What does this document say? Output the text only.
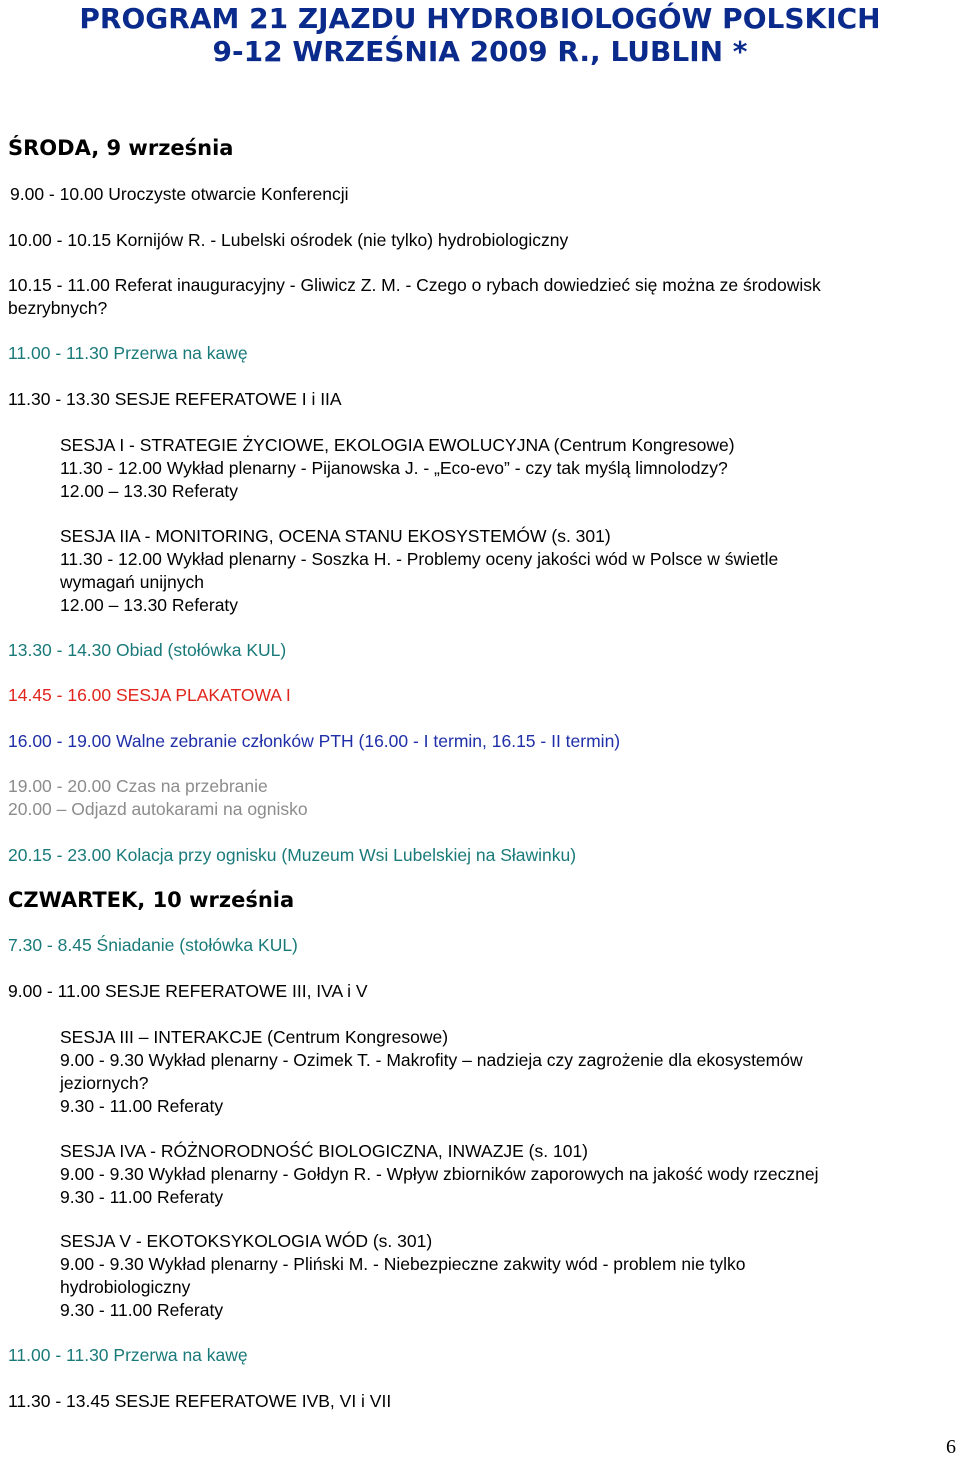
PROGRAM 21 ZJAZDU HYDROBIOLOGÓW POLSKICH
9-12 WRZEŚNIA 2009 R., LUBLIN *
ŚRODA, 9 września
9.00 - 10.00 Uroczyste otwarcie Konferencji
10.00 - 10.15 Kornijów R. - Lubelski ośrodek (nie tylko) hydrobiologiczny
10.15 - 11.00 Referat inauguracyjny - Gliwicz Z. M. - Czego o rybach dowiedzieć się można ze środowisk
bezrybnych?
11.00 - 11.30 Przerwa na kawę
11.30 - 13.30 SESJE REFERATOWE I i IIA
SESJA I - STRATEGIE ŻYCIOWE, EKOLOGIA EWOLUCYJNA (Centrum Kongresowe)
11.30 - 12.00 Wykład plenarny - Pijanowska J. - „Eco-evo” - czy tak myślą limnolodzy?
12.00 – 13.30 Referaty
SESJA IIA - MONITORING, OCENA STANU EKOSYSTEMÓW (s. 301)
11.30 - 12.00 Wykład plenarny - Soszka H. - Problemy oceny jakości wód w Polsce w świetle
wymagań unijnych
12.00 – 13.30 Referaty
13.30 - 14.30 Obiad (stołówka KUL)
14.45 - 16.00 SESJA PLAKATOWA I
16.00 - 19.00 Walne zebranie członków PTH (16.00 - I termin, 16.15 - II termin)
19.00 - 20.00 Czas na przebranie
20.00 – Odjazd autokarami na ognisko
20.15 - 23.00 Kolacja przy ognisku (Muzeum Wsi Lubelskiej na Sławinku)
CZWARTEK, 10 września
7.30 - 8.45 Śniadanie (stołówka KUL)
9.00 - 11.00 SESJE REFERATOWE III, IVA i V
SESJA III – INTERAKCJE (Centrum Kongresowe)
9.00 - 9.30 Wykład plenarny - Ozimek T. - Makrofity – nadzieja czy zagrożenie dla ekosystemów
jeziornych?
9.30 - 11.00 Referaty
SESJA IVA - RÓŻNORODNOŚĆ BIOLOGICZNA, INWAZJE (s. 101)
9.00 - 9.30 Wykład plenarny - Gołdyn R. - Wpływ zbiorników zaporowych na jakość wody rzecznej
9.30 - 11.00 Referaty
SESJA V - EKOTOKSYKOLOGIA WÓD (s. 301)
9.00 - 9.30 Wykład plenarny - Pliński M. - Niebezpieczne zakwity wód - problem nie tylko
hydrobiologiczny
9.30 - 11.00 Referaty
11.00 - 11.30 Przerwa na kawę
11.30 - 13.45 SESJE REFERATOWE IVB, VI i VII
6
